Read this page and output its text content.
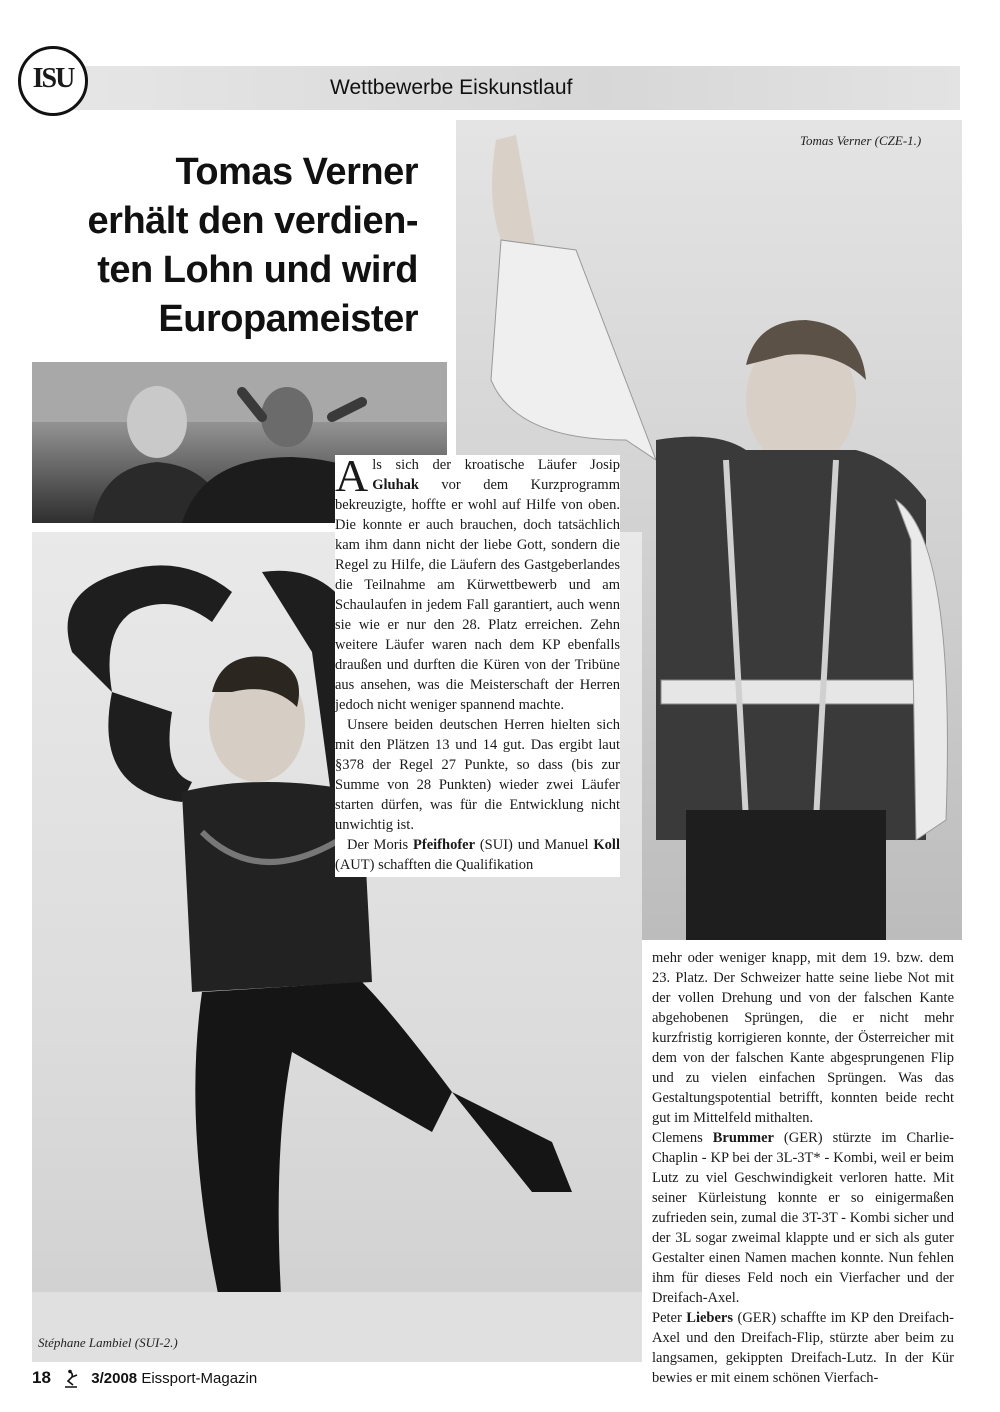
ISU	Wettbewerbe Eiskunstlauf
Tomas Verner
erhält den verdien-
ten Lohn und wird
Europameister
Tomas Verner (CZE-1.)
Stéphane Lambiel (SUI-2.)

Als sich der kroatische Läufer Josip Gluhak vor dem Kurzprogramm bekreuzigte, hoffte er wohl auf Hilfe von oben. Die konnte er auch brauchen, doch tatsächlich kam ihm dann nicht der liebe Gott, sondern die Regel zu Hilfe, die Läufern des Gastgeberlandes die Teilnahme am Kürwettbewerb und am Schaulaufen in jedem Fall garantiert, auch wenn sie wie er nur den 28. Platz erreichen. Zehn weitere Läufer waren nach dem KP ebenfalls draußen und durften die Küren von der Tribüne aus ansehen, was die Meisterschaft der Herren jedoch nicht weniger spannend machte.

Unsere beiden deutschen Herren hielten sich mit den Plätzen 13 und 14 gut. Das ergibt laut §378 der Regel 27 Punkte, so dass (bis zur Summe von 28 Punkten) wieder zwei Läufer starten dürfen, was für die Entwicklung nicht unwichtig ist.

Der Moris Pfeifhofer (SUI) und Manuel Koll (AUT) schafften die Qualifikation

mehr oder weniger knapp, mit dem 19. bzw. dem 23. Platz. Der Schweizer hatte seine liebe Not mit der vollen Drehung und von der falschen Kante abgehobenen Sprüngen, die er nicht mehr kurzfristig korrigieren konnte, der Österreicher mit dem von der falschen Kante abgesprungenen Flip und zu vielen einfachen Sprüngen. Was das Gestaltungspotential betrifft, konnten beide recht gut im Mittelfeld mithalten.

Clemens Brummer (GER) stürzte im Charlie-Chaplin - KP bei der 3L-3T* - Kombi, weil er beim Lutz zu viel Geschwindigkeit verloren hatte. Mit seiner Kürleistung konnte er so einigermaßen zufrieden sein, zumal die 3T-3T - Kombi sicher und der 3L sogar zweimal klappte und er sich als guter Gestalter einen Namen machen konnte. Nun fehlen ihm für dieses Feld noch ein Vierfacher und der Dreifach-Axel.

Peter Liebers (GER) schaffte im KP den Dreifach-Axel und den Dreifach-Flip, stürzte aber beim zu langsamen, gekippten Dreifach-Lutz. In der Kür bewies er mit einem schönen Vierfach-

18	3/2008 Eissport-Magazin
